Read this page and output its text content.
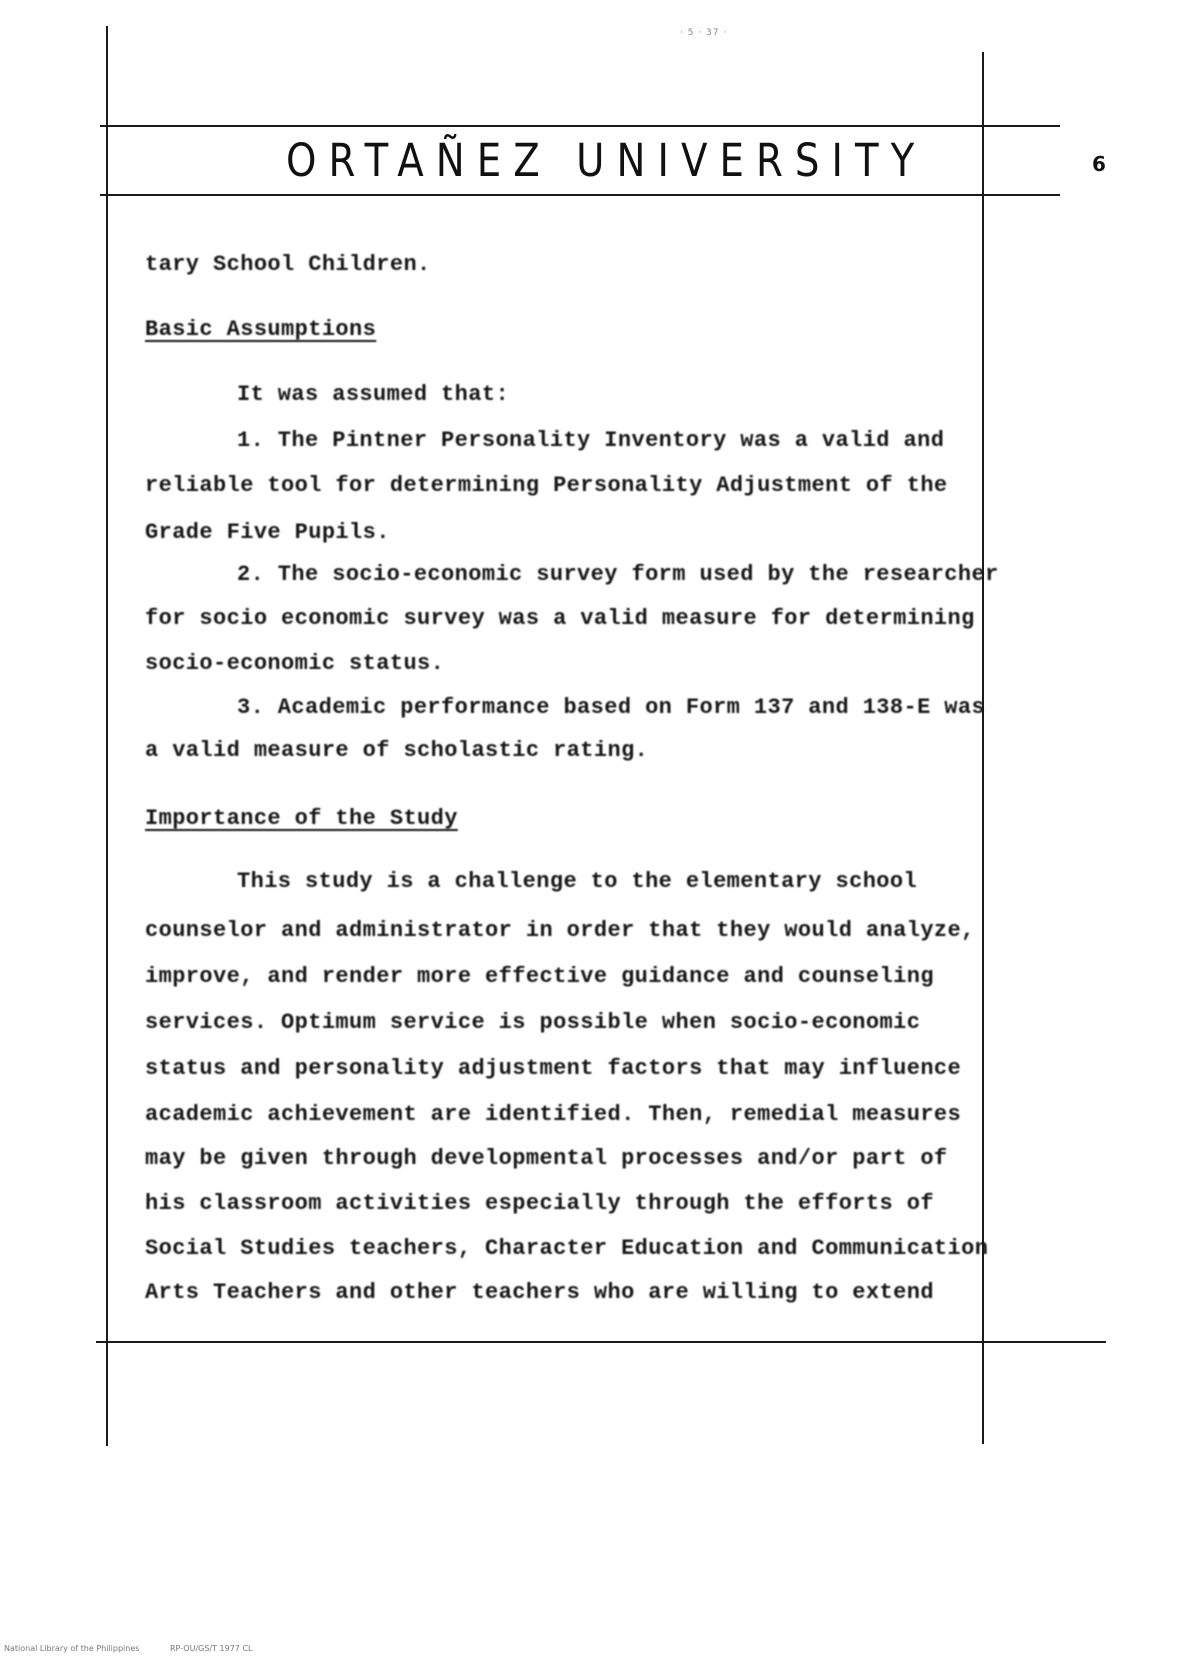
· 5 · 37 ·
ORTAÑEZ UNIVERSITY	6
tary School Children.
Basic Assumptions
It was assumed that:
1. The Pintner Personality Inventory was a valid and
reliable tool for determining Personality Adjustment of the
Grade Five Pupils.
2. The socio-economic survey form used by the researcher
for socio economic survey was a valid measure for determining
socio-economic status.
3. Academic performance based on Form 137 and 138-E was
a valid measure of scholastic rating.
Importance of the Study
This study is a challenge to the elementary school
counselor and administrator in order that they would analyze,
improve, and render more effective guidance and counseling
services. Optimum service is possible when socio-economic
status and personality adjustment factors that may influence
academic achievement are identified. Then, remedial measures
may be given through developmental processes and/or part of
his classroom activities especially through the efforts of
Social Studies teachers, Character Education and Communication
Arts Teachers and other teachers who are willing to extend
National Library of the Philippines	RP-OU/GS/T 1977 CL
